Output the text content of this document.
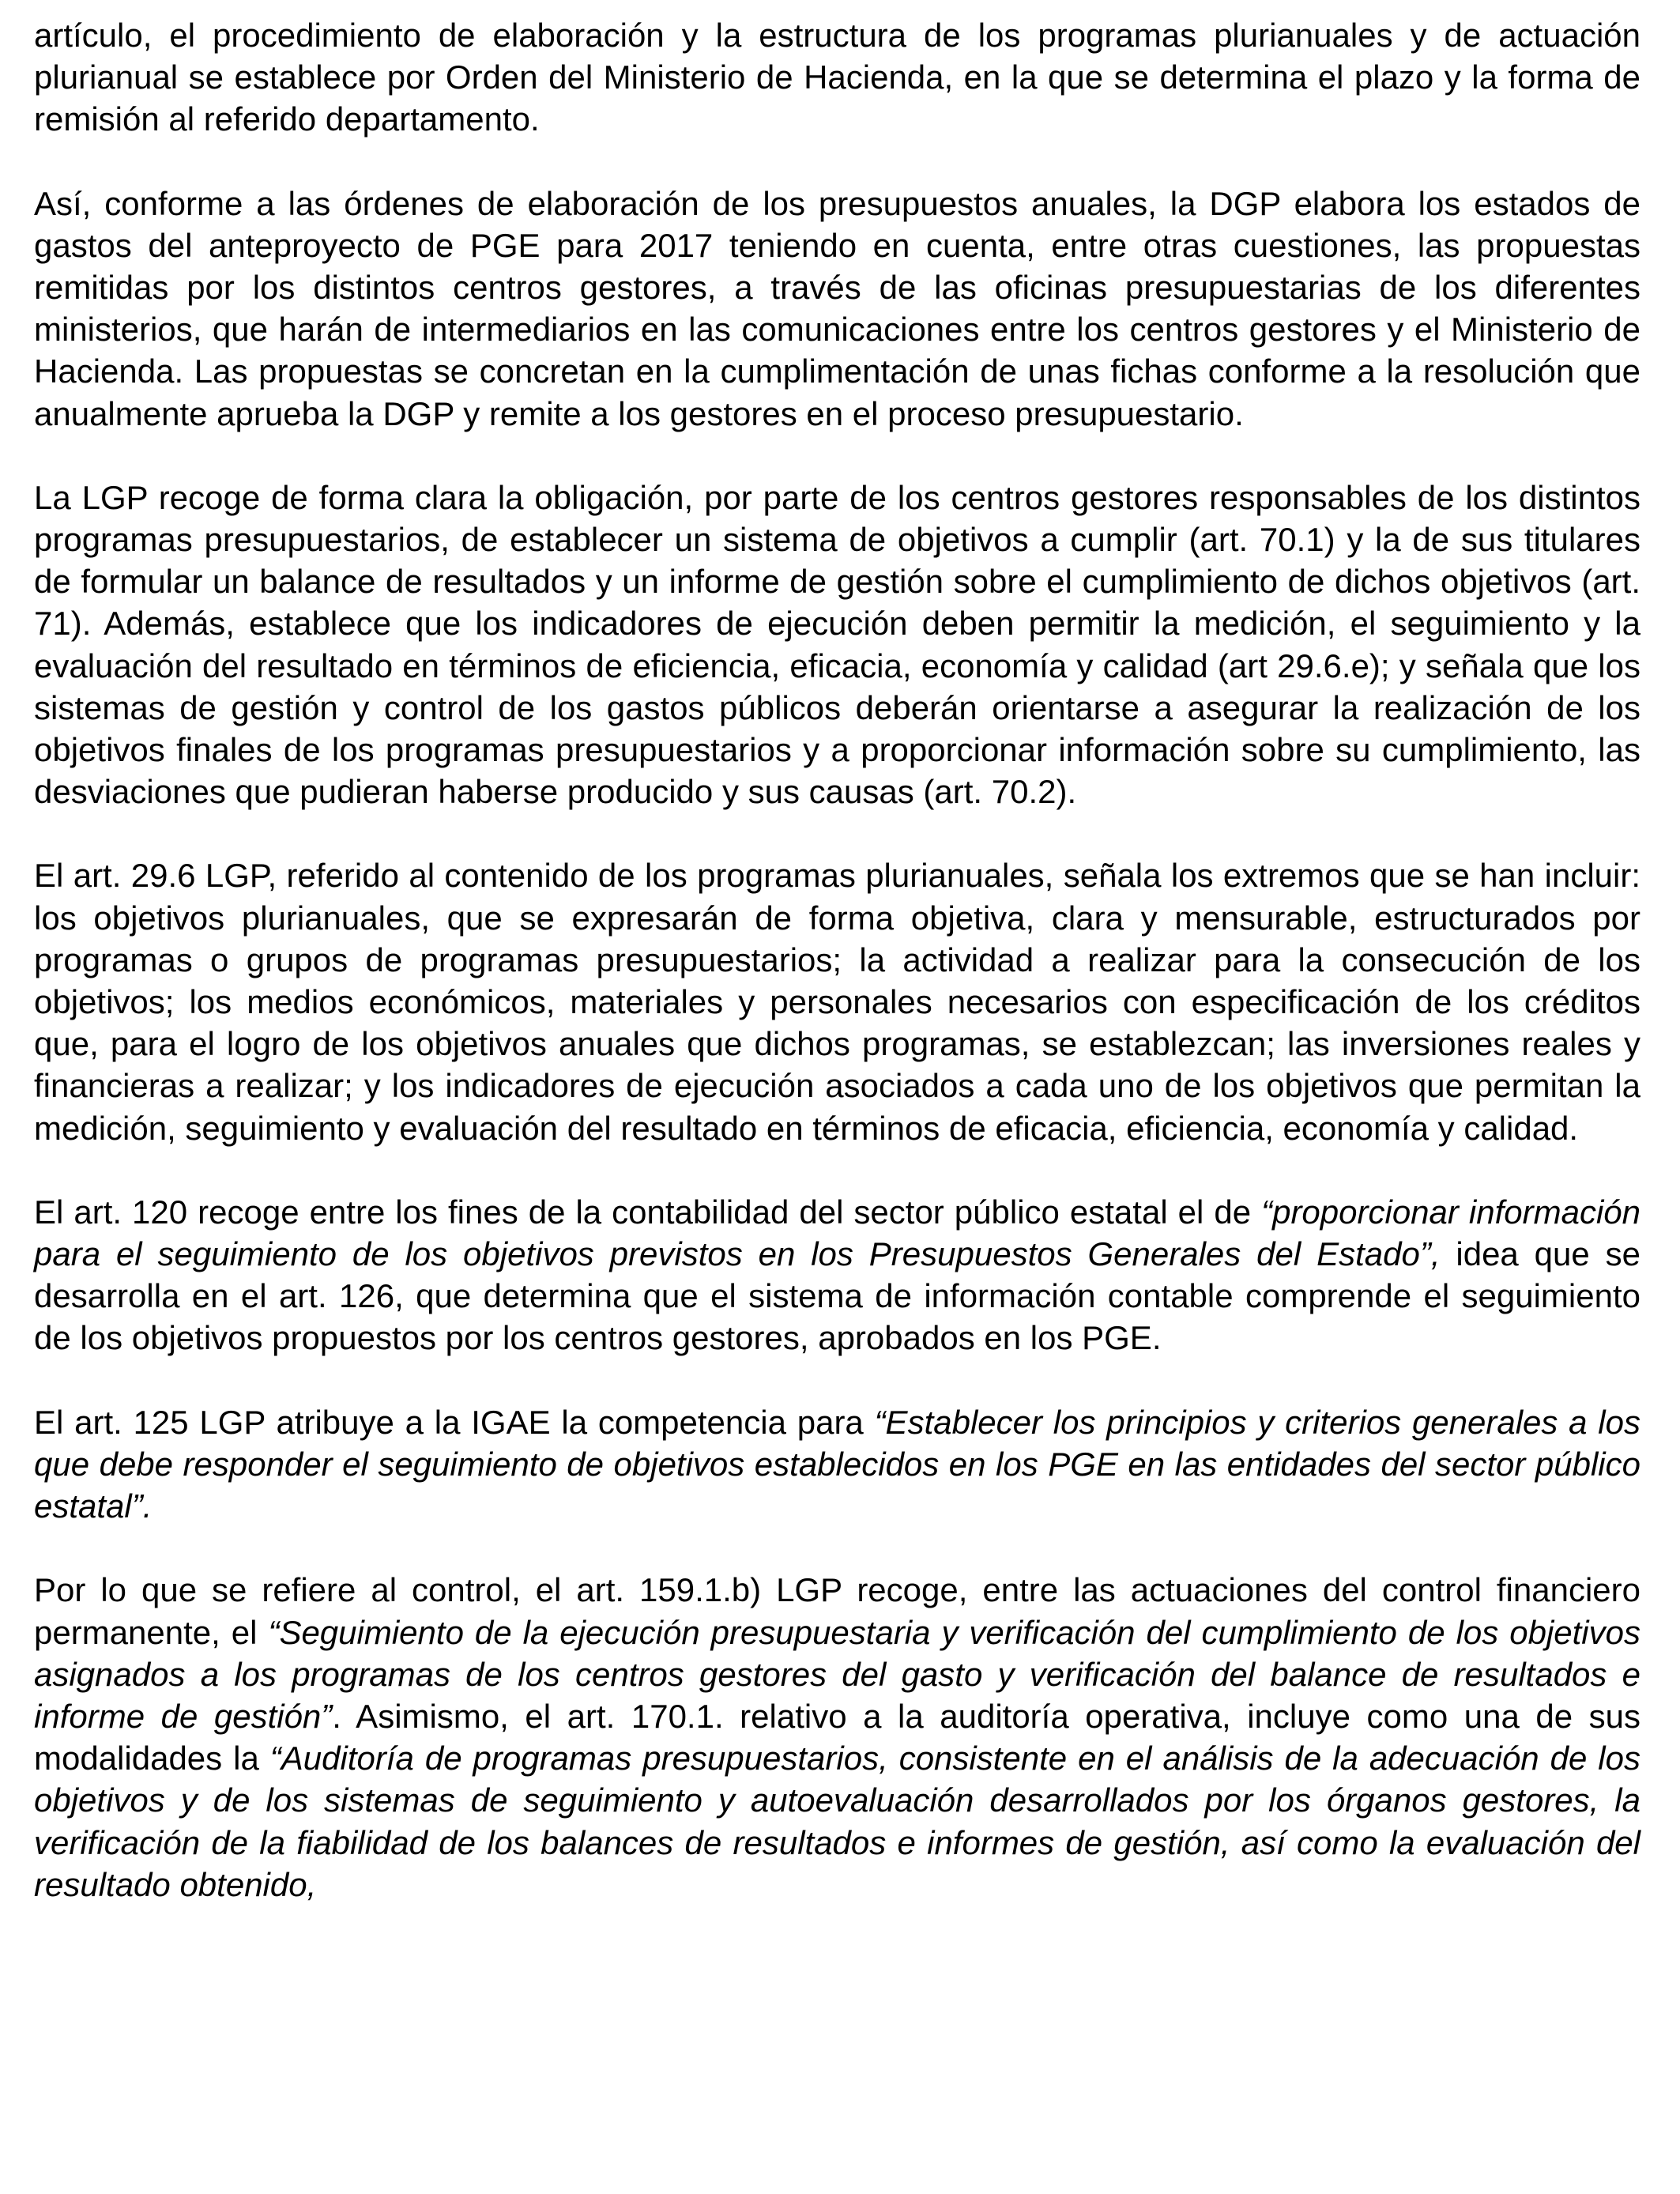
artículo, el procedimiento de elaboración y la estructura de los programas plurianuales y de actuación plurianual se establece por Orden del Ministerio de Hacienda, en la que se determina el plazo y la forma de remisión al referido departamento.

Así, conforme a las órdenes de elaboración de los presupuestos anuales, la DGP elabora los estados de gastos del anteproyecto de PGE para 2017 teniendo en cuenta, entre otras cuestiones, las propuestas remitidas por los distintos centros gestores, a través de las oficinas presupuestarias de los diferentes ministerios, que harán de intermediarios en las comunicaciones entre los centros gestores y el Ministerio de Hacienda. Las propuestas se concretan en la cumplimentación de unas fichas conforme a la resolución que anualmente aprueba la DGP y remite a los gestores en el proceso presupuestario.

La LGP recoge de forma clara la obligación, por parte de los centros gestores responsables de los distintos programas presupuestarios, de establecer un sistema de objetivos a cumplir (art. 70.1) y la de sus titulares de formular un balance de resultados y un informe de gestión sobre el cumplimiento de dichos objetivos (art. 71). Además, establece que los indicadores de ejecución deben permitir la medición, el seguimiento y la evaluación del resultado en términos de eficiencia, eficacia, economía y calidad (art 29.6.e); y señala que los sistemas de gestión y control de los gastos públicos deberán orientarse a asegurar la realización de los objetivos finales de los programas presupuestarios y a proporcionar información sobre su cumplimiento, las desviaciones que pudieran haberse producido y sus causas (art. 70.2).

El art. 29.6 LGP, referido al contenido de los programas plurianuales, señala los extremos que se han incluir: los objetivos plurianuales, que se expresarán de forma objetiva, clara y mensurable, estructurados por programas o grupos de programas presupuestarios; la actividad a realizar para la consecución de los objetivos; los medios económicos, materiales y personales necesarios con especificación de los créditos que, para el logro de los objetivos anuales que dichos programas, se establezcan; las inversiones reales y financieras a realizar; y los indicadores de ejecución asociados a cada uno de los objetivos que permitan la medición, seguimiento y evaluación del resultado en términos de eficacia, eficiencia, economía y calidad.

El art. 120 recoge entre los fines de la contabilidad del sector público estatal el de “proporcionar información para el seguimiento de los objetivos previstos en los Presupuestos Generales del Estado”, idea que se desarrolla en el art. 126, que determina que el sistema de información contable comprende el seguimiento de los objetivos propuestos por los centros gestores, aprobados en los PGE.

El art. 125 LGP atribuye a la IGAE la competencia para “Establecer los principios y criterios generales a los que debe responder el seguimiento de objetivos establecidos en los PGE en las entidades del sector público estatal”.

Por lo que se refiere al control, el art. 159.1.b) LGP recoge, entre las actuaciones del control financiero permanente, el “Seguimiento de la ejecución presupuestaria y verificación del cumplimiento de los objetivos asignados a los programas de los centros gestores del gasto y verificación del balance de resultados e informe de gestión”. Asimismo, el art. 170.1. relativo a la auditoría operativa, incluye como una de sus modalidades la “Auditoría de programas presupuestarios, consistente en el análisis de la adecuación de los objetivos y de los sistemas de seguimiento y autoevaluación desarrollados por los órganos gestores, la verificación de la fiabilidad de los balances de resultados e informes de gestión, así como la evaluación del resultado obtenido,
